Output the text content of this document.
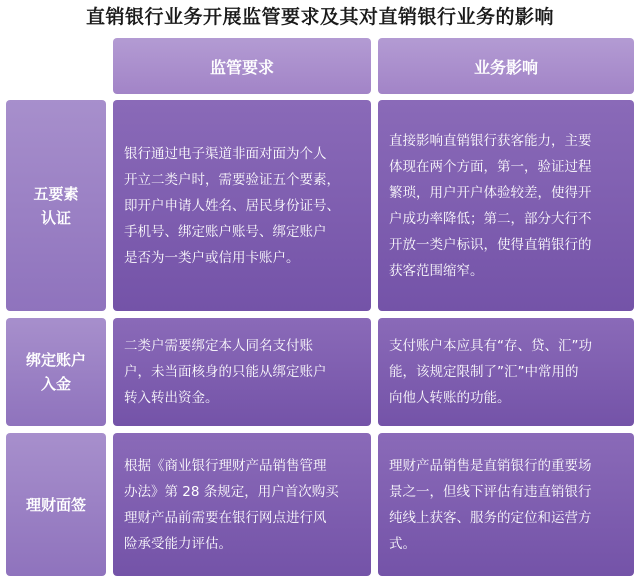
直销银行业务开展监管要求及其对直销银行业务的影响
监管要求	业务影响
五要素
认证
银行通过电子渠道非面对面为个人
开立二类户时，需要验证五个要素，
即开户申请人姓名、居民身份证号、
手机号、绑定账户账号、绑定账户
是否为一类户或信用卡账户。
直接影响直销银行获客能力，主要
体现在两个方面，第一，验证过程
繁琐，用户开户体验较差，使得开
户成功率降低；第二，部分大行不
开放一类户标识，使得直销银行的
获客范围缩窄。
绑定账户
入金
二类户需要绑定本人同名支付账
户，未当面核身的只能从绑定账户
转入转出资金。
支付账户本应具有“存、贷、汇”功
能，该规定限制了”汇”中常用的
向他人转账的功能。
理财面签
根据《商业银行理财产品销售管理
办法》第 28 条规定，用户首次购买
理财产品前需要在银行网点进行风
险承受能力评估。
理财产品销售是直销银行的重要场
景之一，但线下评估有违直销银行
纯线上获客、服务的定位和运营方
式。
